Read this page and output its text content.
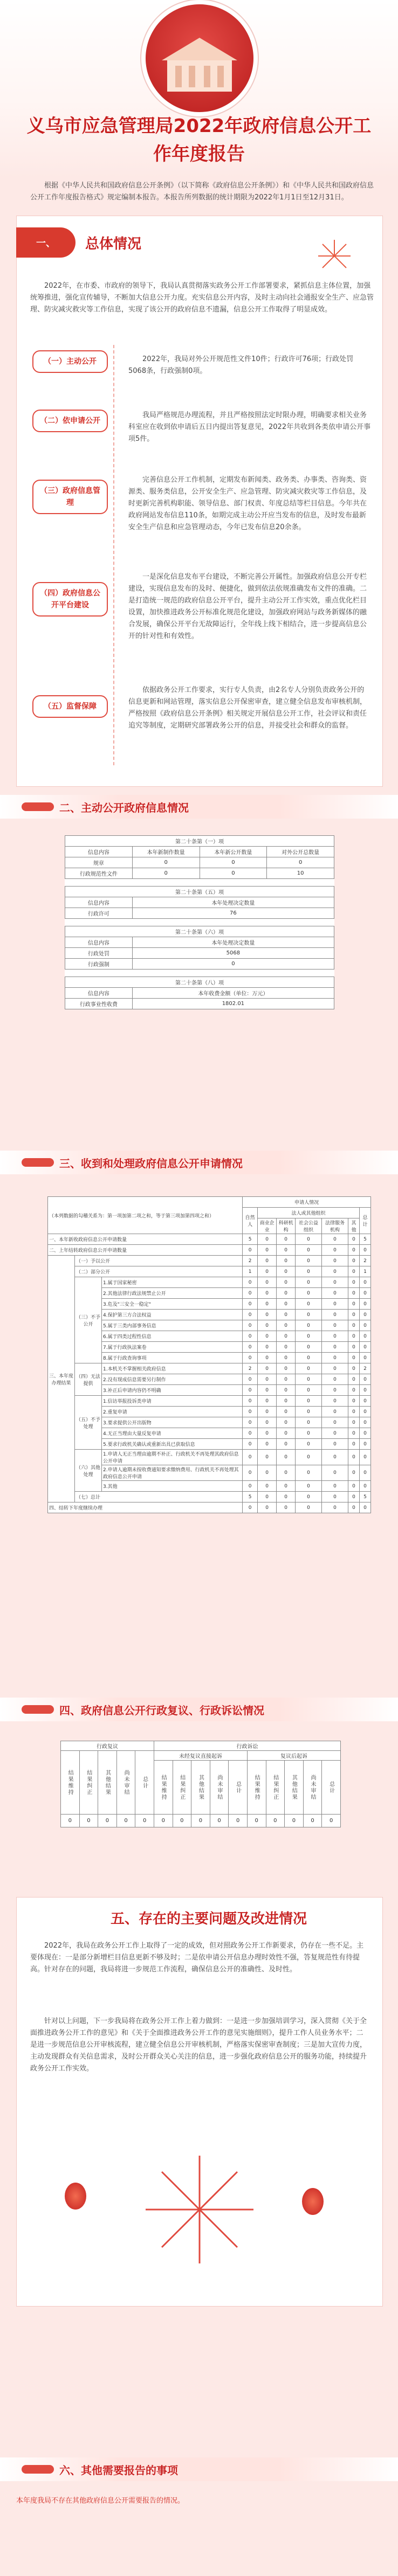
义乌市应急管理局2022年政府信息公开工
作年度报告
根据《中华人民共和国政府信息公开条例》（以下简称《政府信息公开条例》）和《中华人民共和国政府信息公开工作年度报告格式》规定编制本报告。本报告所列数据的统计期限为2022年1月1日至12月31日。
一、	总体情况
2022年，在市委、市政府的领导下，我局认真贯彻落实政务公开工作部署要求，紧抓信息主体位置，加强统筹推进，强化宣传辅导，不断加大信息公开力度。充实信息公开内容，及时主动向社会通报安全生产、应急管理、防灾减灾救灾等工作信息，实现了该公开的政府信息不遗漏，信息公开工作取得了明显成效。
（一）主动公开	2022年，我局对外公开规范性文件10件；行政许可76项；行政处罚5068条，行政强制0项。
（二）依申请公开
我局严格规范办理流程，并且严格按照法定时限办理，明确要求相关业务科室应在收到依申请后五日内提出答复意见，2022年共收到各类依申请公开事项5件。
（三）政府信息管理
完善信息公开工作机制，定期发布新闻类、政务类、办事类、咨询类、资源类、服务类信息，公开安全生产、应急管理、防灾减灾救灾等工作信息，及时更新完善机构职能、领导信息、部门权责、年度总结等栏目信息。今年共在政府网站发布信息110条，如期完成主动公开应当发布的信息，及时发布最新安全生产信息和应急管理动态，今年已发布信息20余条。
（四）政府信息公开平台建设
一是深化信息发布平台建设，不断完善公开属性。加强政府信息公开专栏建设，实现信息发布的及时、便捷化，做到依法依规准确发布文件的准确。二是打造统一规范的政府信息公开平台，提升主动公开工作实效，重点优化栏目设置，加快推进政务公开标准化规范化建设，加强政府网站与政务新媒体的融合发展，确保公开平台无故障运行，全年线上线下相结合，进一步提高信息公开的针对性和有效性。
（五）监督保障
依据政务公开工作要求，实行专人负责，由2名专人分别负责政务公开的信息更新和网站管理，落实信息公开保密审查，建立健全信息发布审核机制，严格按照《政府信息公开条例》相关规定开展信息公开工作，社会评议和责任追究等制度，定期研究部署政务公开的信息，并接受社会和群众的监督。
二、主动公开政府信息情况
第二十条第（一）项			
信息内容	本年新制作数量	本年新公开数量	对外公开总数量
规章	0	0	0
行政规范性文件	0	0	10

第二十条第（五）项			
信息内容	本年处理决定数量		
行政许可	76		

第二十条第（六）项			
信息内容	本年处理决定数量		
行政处罚	5068		
行政强制	0		

第二十条第（八）项			
信息内容	本年收费金额（单位：万元）		
行政事业性收费	1802.01		
三、收到和处理政府信息公开申请情况
（本列数据的勾稽关系为：第一项加第二项之和，等于第三项加第四项之和）			申请人情况						
			自然人	法人或其他组织					总计
				商业企业	科研机构	社会公益组织	法律服务机构	其他	
一、本年新收政府信息公开申请数量			5	0	0	0	0	0	5
二、上年结转政府信息公开申请数量			0	0	0	0	0	0	0
三、本年度办理结果	（一）予以公开		2	0	0	0	0	0	2
	（二）部分公开		1	0	0	0	0	0	1
	（三）不予公开	1.属于国家秘密	0	0	0	0	0	0	0
		2.其他法律行政法规禁止公开	0	0	0	0	0	0	0
		3.危及"三安全一稳定"	0	0	0	0	0	0	0
		4.保护第三方合法权益	0	0	0	0	0	0	0
		5.属于三类内部事务信息	0	0	0	0	0	0	0
		6.属于四类过程性信息	0	0	0	0	0	0	0
		7.属于行政执法案卷	0	0	0	0	0	0	0
		8.属于行政查询事项	0	0	0	0	0	0	0
	（四）无法提供	1.本机关不掌握相关政府信息	2	0	0	0	0	0	2
		2.没有现成信息需要另行制作	0	0	0	0	0	0	0
		3.补正后申请内容仍不明确	0	0	0	0	0	0	0
	（五）不予处理	1.信访举报投诉类申请	0	0	0	0	0	0	0
		2.重复申请	0	0	0	0	0	0	0
		3.要求提供公开出版物	0	0	0	0	0	0	0
		4.无正当理由大量反复申请	0	0	0	0	0	0	0
		5.要求行政机关确认或重新出具已获取信息	0	0	0	0	0	0	0
	（六）其他处理	1.申请人无正当理由逾期不补正、行政机关不再处理其政府信息公开申请	0	0	0	0	0	0	0
		2.申请人逾期未按收费通知要求缴纳费用、行政机关不再处理其政府信息公开申请	0	0	0	0	0	0	0
		3.其他	0	0	0	0	0	0	0
	（七）总计		5	0	0	0	0	0	5
四、结转下年度继续办理			0	0	0	0	0	0	0
四、政府信息公开行政复议、行政诉讼情况
行政复议					行政诉讼									
结果维持	结果纠正	其他结果	尚未审结	总计	未经复议直接起诉					复议后起诉				
					结果维持	结果纠正	其他结果	尚未审结	总计	结果维持	结果纠正	其他结果	尚未审结	总计
0	0	0	0	0	0	0	0	0	0	0	0	0	0	0
五、存在的主要问题及改进情况
2022年，我局在政务公开工作上取得了一定的成效，但对照政务公开工作新要求，仍存在一些不足。主要体现在：一是部分新增栏目信息更新不够及时；二是依申请公开信息办理时效性不强，答复规范性有待提高。针对存在的问题，我局将进一步规范工作流程，确保信息公开的准确性、及时性。
针对以上问题，下一步我局将在政务公开工作上着力做到：一是进一步加强培训学习，深入贯彻《关于全面推进政务公开工作的意见》和《关于全面推进政务公开工作的意见实施细则》，提升工作人员业务水平；二是进一步规范信息公开审核流程，建立健全信息公开审核机制，严格落实保密审查制度；三是加大宣传力度，主动发现群众有关信息需求，及时公开群众关心关注的信息，进一步强化政府信息公开的服务功能，持续提升政务公开工作实效。
六、其他需要报告的事项
本年度我局不存在其他政府信息公开需要报告的情况。
